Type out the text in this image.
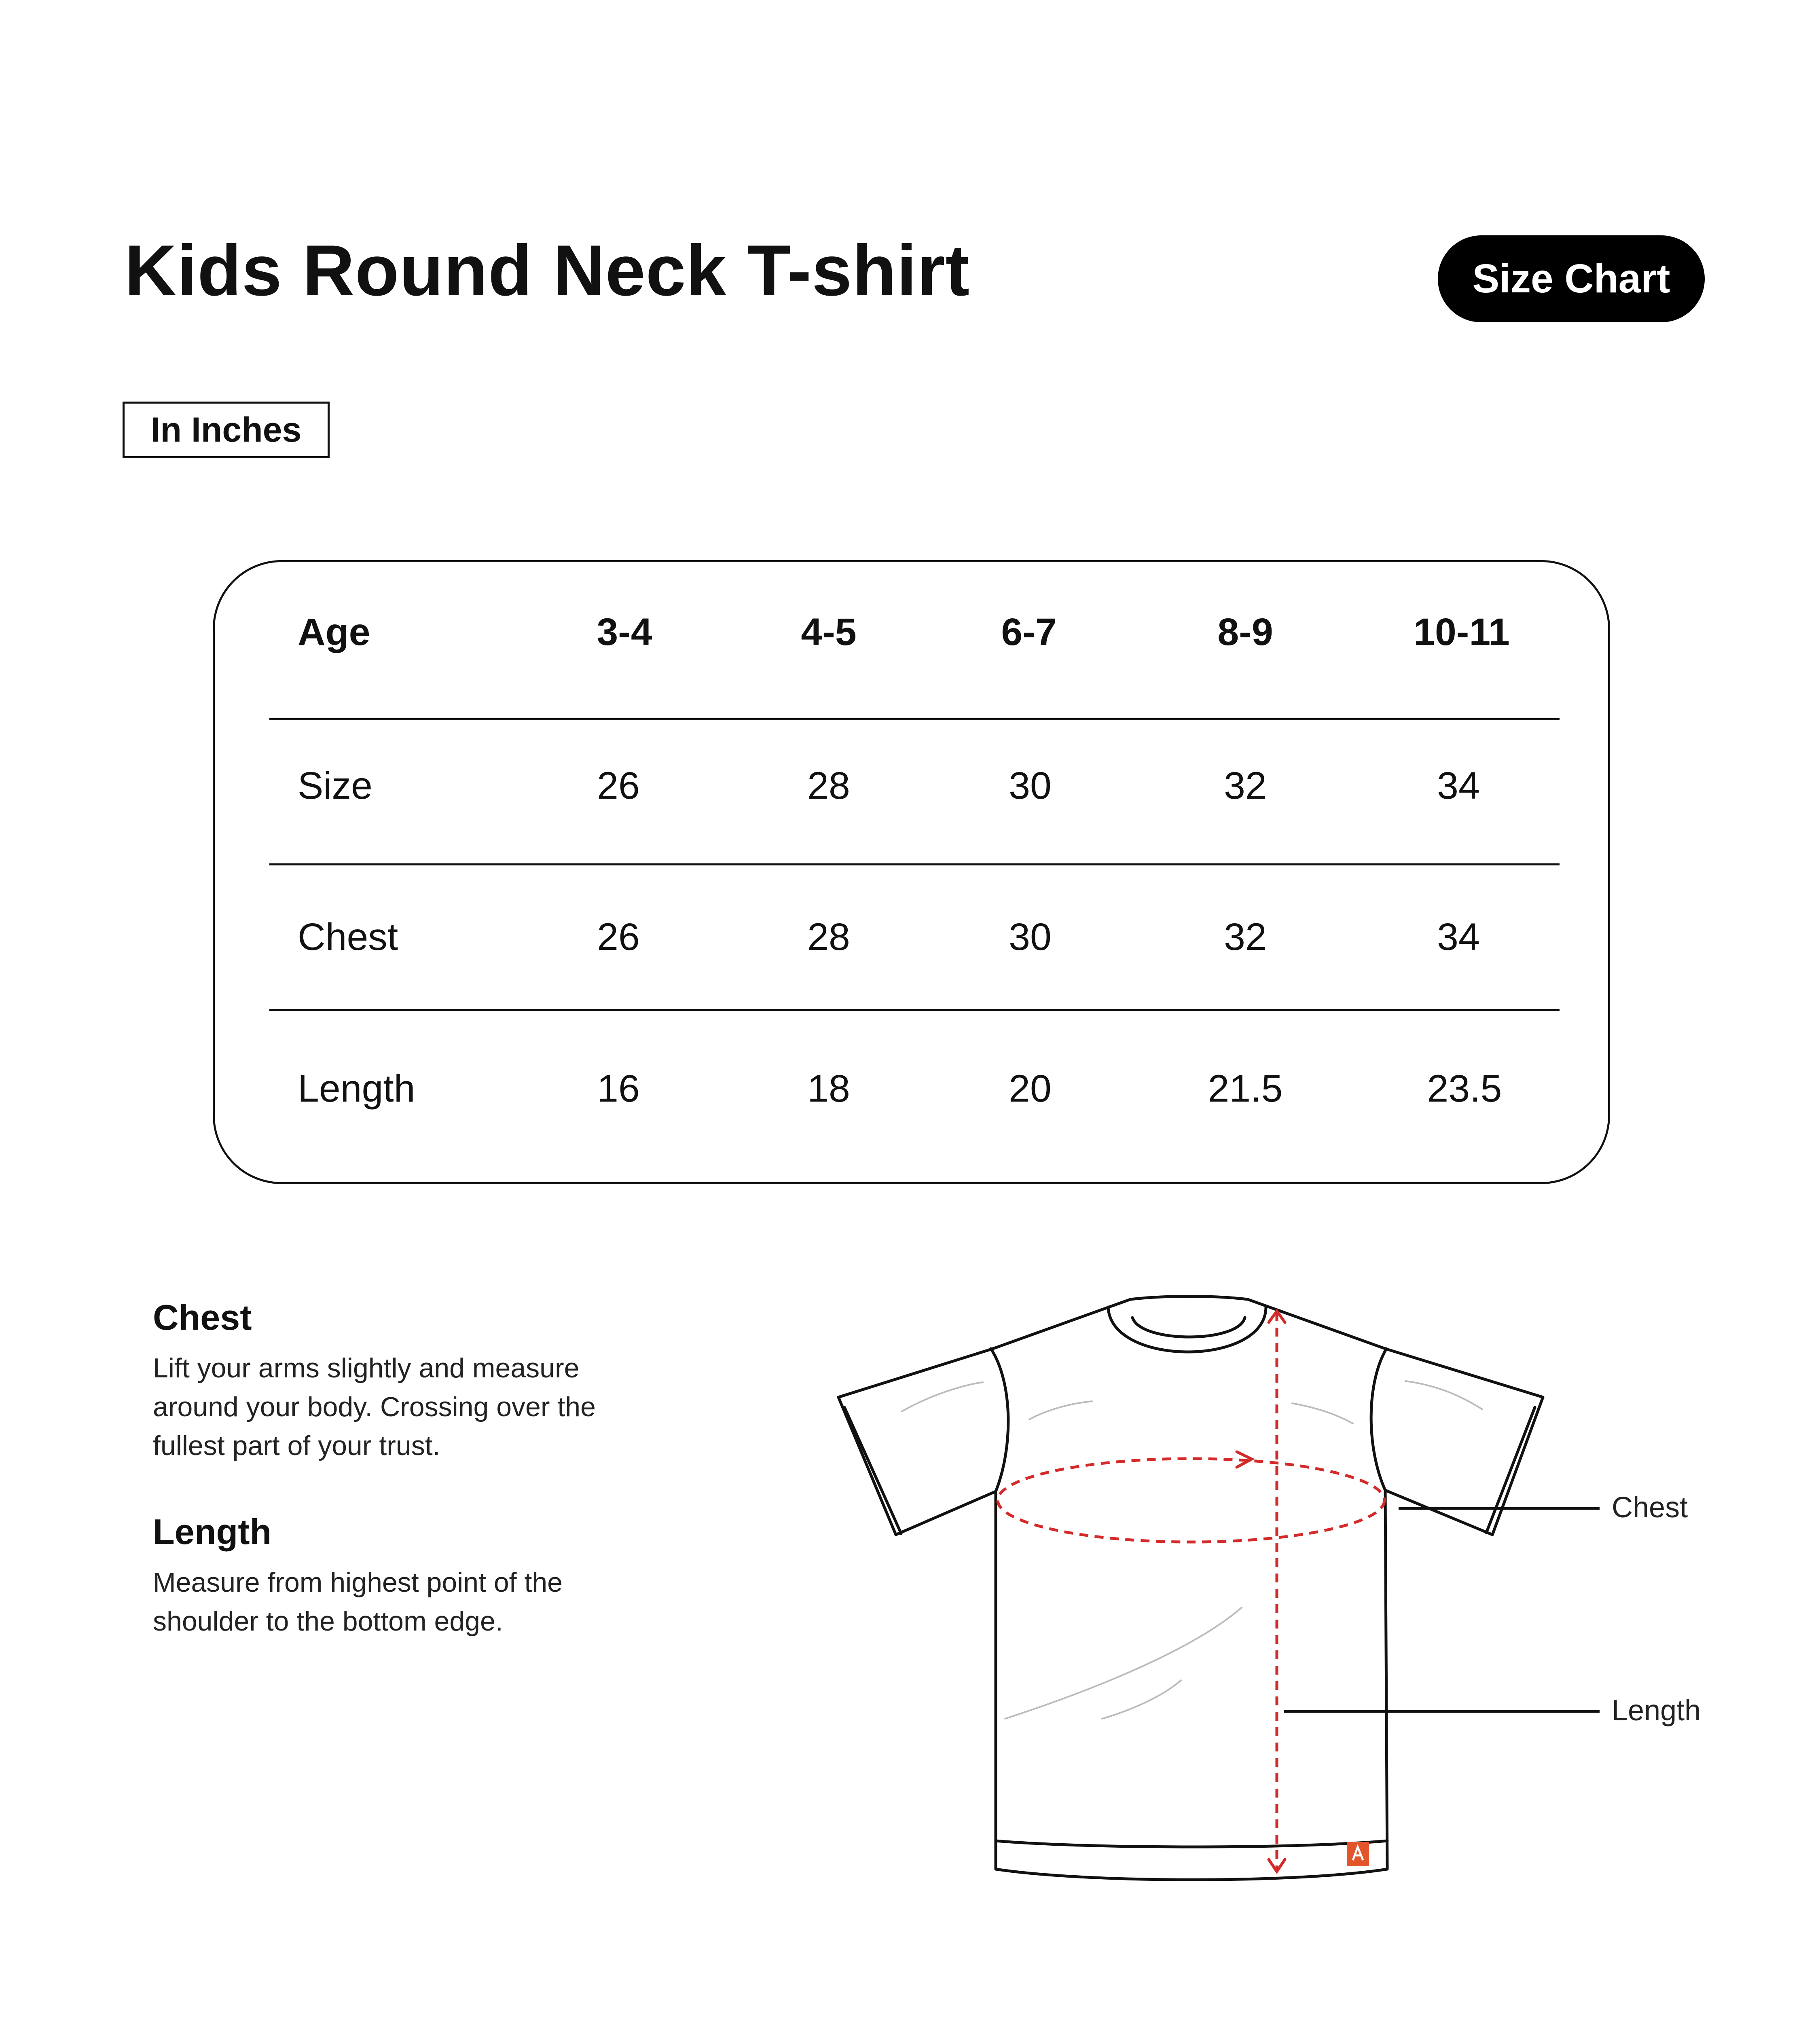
Kids Round Neck T-shirt	Size Chart
In Inches
Age	3-4	4-5	6-7	8-9	10-11
Size	26	28	30	32	34
Chest	26	28	30	32	34
Length	16	18	20	21.5	23.5
Chest

Lift your arms slightly and measure

around your body. Crossing over the

fullest part of your trust.

Length

Measure from highest point of the

shoulder to the bottom edge.

Chest
Length
